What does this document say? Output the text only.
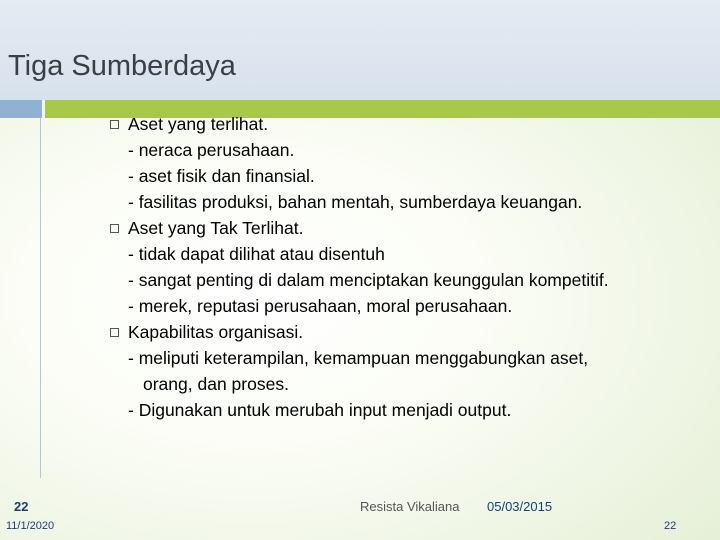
Tiga Sumberdaya
Aset yang terlihat.
- neraca perusahaan.
- aset fisik dan finansial.
- fasilitas produksi, bahan mentah, sumberdaya keuangan.
Aset yang Tak Terlihat.
- tidak dapat dilihat atau disentuh
- sangat penting di dalam menciptakan keunggulan kompetitif.
- merek, reputasi perusahaan, moral perusahaan.
Kapabilitas organisasi.
- meliputi keterampilan, kemampuan menggabungkan aset,
orang, dan proses.
- Digunakan untuk merubah input menjadi output.
22
11/1/2020
Resista Vikaliana 05/03/2015
22
